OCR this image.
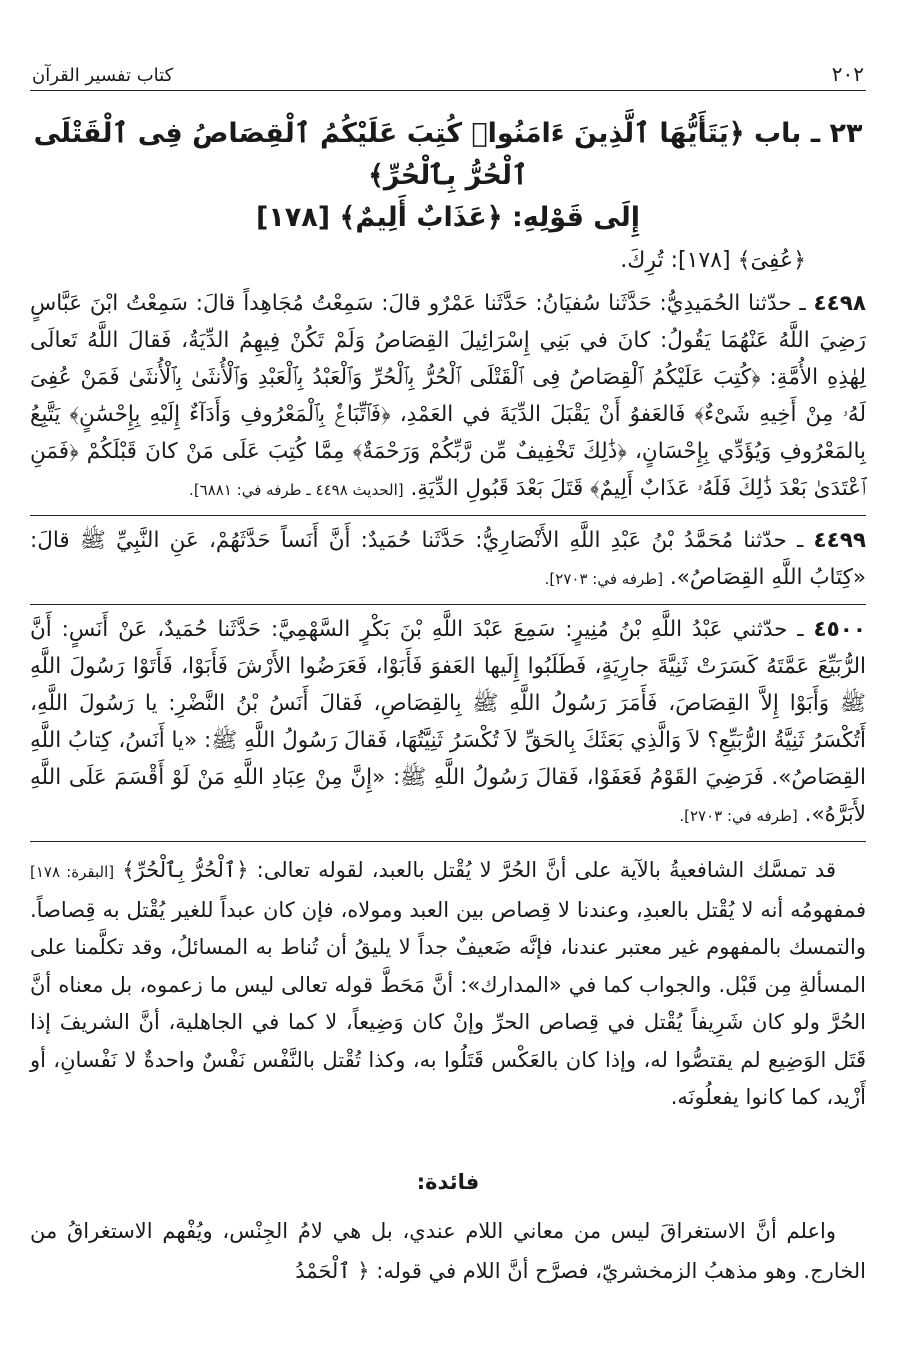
٢٠٢
كتاب تفسير القرآن
٢٣ ـ باب ﴿يَتَأَيُّهَا ٱلَّذِينَ ءَامَنُوا۟ كُتِبَ عَلَيْكُمُ ٱلْقِصَاصُ فِى ٱلْقَتْلَى ٱلْحُرُّ بِٱلْحُرِّ﴾
إِلَى قَوْلِهِ: ﴿عَذَابٌ أَلِيمٌ﴾ [١٧٨]
﴿عُفِىَ﴾ [١٧٨]: تُرِكَ.
٤٤٩٨ ـ حدّثنا الحُمَيدِيُّ: حَدَّثَنا سُفيَانُ: حَدَّثَنا عَمْرٌو قالَ: سَمِعْتُ مُجَاهِداً قالَ: سَمِعْتُ ابْنَ عَبَّاسٍ رَضِيَ اللَّهُ عَنْهُمَا يَقُولُ: كانَ في بَنِي إِسْرَائِيلَ القِصَاصُ وَلَمْ تَكُنْ فِيهِمُ الدِّيَةُ، فَقالَ اللَّهُ تَعالَى لِهٰذِهِ الأُمَّةِ: ﴿كُتِبَ عَلَيْكُمُ ٱلْقِصَاصُ فِى ٱلْقَتْلَى ٱلْحُرُّ بِٱلْحُرِّ وَٱلْعَبْدُ بِٱلْعَبْدِ وَٱلْأُنثَىٰ بِٱلْأُنثَىٰ فَمَنْ عُفِىَ لَهُۥ مِنْ أَخِيهِ شَىْءٌ﴾ فَالعَفوُ أَنْ يَقْبَلَ الدِّيَةَ في العَمْدِ، ﴿فَٱتِّبَاعٌۢ بِٱلْمَعْرُوفِ وَأَدَآءٌ إِلَيْهِ بِإِحْسَٰنٍ﴾ يَتَّبِعُ بِالمَعْرُوفِ وَيُؤَدِّي بِإِحْسَانٍ، ﴿ذَٰلِكَ تَخْفِيفٌ مِّن رَّبِّكُمْ وَرَحْمَةٌ﴾ مِمَّا كُتِبَ عَلَى مَنْ كانَ قَبْلَكُمْ ﴿فَمَنِ ٱعْتَدَىٰ بَعْدَ ذَٰلِكَ فَلَهُۥ عَذَابٌ أَلِيمٌ﴾ قَتَلَ بَعْدَ قَبُولِ الدِّيَةِ. [الحديث ٤٤٩٨ ـ طرفه في: ٦٨٨١].
٤٤٩٩ ـ حدّثنا مُحَمَّدُ بْنُ عَبْدِ اللَّهِ الأَنْصَارِيُّ: حَدَّثَنا حُمَيدٌ: أَنَّ أَنَساً حَدَّثَهُمْ، عَنِ النَّبِيِّ ﷺ قالَ: «كِتَابُ اللَّهِ القِصَاصُ». [طرفه في: ٢٧٠٣].
٤٥٠٠ ـ حدّثني عَبْدُ اللَّهِ بْنُ مُنِيرٍ: سَمِعَ عَبْدَ اللَّهِ بْنَ بَكْرٍ السَّهْمِيَّ: حَدَّثَنا حُمَيدٌ، عَنْ أَنَسٍ: أَنَّ الرُّبَيِّعَ عَمَّتَهُ كَسَرَتْ ثَنِيَّةَ جارِيَةٍ، فَطَلَبُوا إِلَيها العَفوَ فَأَبَوْا، فَعَرَضُوا الأَرْشَ فَأَبَوْا، فَأَتَوْا رَسُولَ اللَّهِ ﷺ وَأَبَوْا إِلاَّ القِصَاصَ، فَأَمَرَ رَسُولُ اللَّهِ ﷺ بِالقِصَاصِ، فَقالَ أَنَسُ بْنُ النَّضْرِ: يا رَسُولَ اللَّهِ، أَتُكْسَرُ ثَنِيَّةُ الرُّبَيِّعِ؟ لاَ وَالَّذِي بَعَثَكَ بِالحَقِّ لاَ تُكْسَرُ ثَنِيَّتُهَا، فَقالَ رَسُولُ اللَّهِ ﷺ: «يا أَنَسُ، كِتابُ اللَّهِ القِصَاصُ». فَرَضِيَ القَوْمُ فَعَفَوْا، فَقالَ رَسُولُ اللَّهِ ﷺ: «إِنَّ مِنْ عِبَادِ اللَّهِ مَنْ لَوْ أَقْسَمَ عَلَى اللَّهِ لأَبَرَّهُ». [طرفه في: ٢٧٠٣].
قد تمسَّك الشافعيةُ بالآية على أنَّ الحُرَّ لا يُقْتل بالعبد، لقوله تعالى: ﴿ٱلْحُرُّ بِٱلْحُرِّ﴾ [البقرة: ١٧٨] فمفهومُه أنه لا يُقْتل بالعبدِ، وعندنا لا قِصاص بين العبد ومولاه، فإن كان عبداً للغير يُقْتل به قِصاصاً. والتمسك بالمفهوم غير معتبر عندنا، فإنَّه ضَعيفٌ جداً لا يليقُ أن تُناط به المسائلُ، وقد تكلَّمنا على المسألةِ مِن قَبْل. والجواب كما في «المدارك»: أنَّ مَحَطَّ قوله تعالى ليس ما زعموه، بل معناه أنَّ الحُرَّ ولو كان شَرِيفاً يُقْتل في قِصاص الحرِّ وإنْ كان وَضِيعاً، لا كما في الجاهلية، أنَّ الشريفَ إذا قَتَل الوَضِيع لم يقتصُّوا له، وإذا كان بالعَكْس قَتَلُوا به، وكذا تُقْتل بالنَّفْس نَفْسٌ واحدةٌ لا نَفْسانِ، أو أَزْيد، كما كانوا يفعلُونَه.
فائدة:
واعلم أنَّ الاستغراقَ ليس من معاني اللام عندي، بل هي لامُ الجِنْس، ويُفْهم الاستغراقُ من الخارج. وهو مذهبُ الزمخشريّ، فصرَّح أنَّ اللام في قوله: ﴿ ٱلْحَمْدُ
